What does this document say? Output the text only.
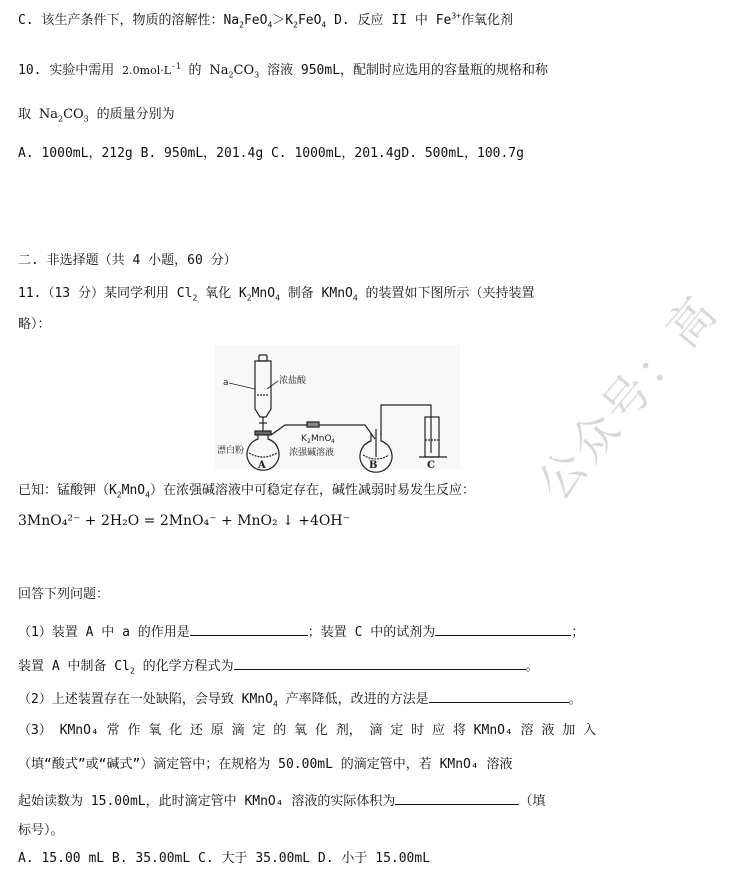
C. 该生产条件下，物质的溶解性：$Na_2FeO_4>K_2FeO_4$ D. 反应 II 中 $Fe^{3+}$作氧化剂
10. 实验中需用 $2.0mol\cdot L^{-1}$ 的 $Na_2CO_3$ 溶液 950mL，配制时应选用的容量瓶的规格和称
取 $Na_2CO_3$ 的质量分别为
A. 1000mL，212g B. 950mL，201.4g C. 1000mL，201.4gD. 500mL，100.7g
二. 非选择题（共 4 小题，60 分）
11.（13 分）某同学利用 $Cl_2$ 氧化 $K_2MnO_4$ 制备 KMnO$_4$ 的装置如下图所示（夹持装置
略）：
a	浓盐酸
漂白粉
K 2 MnO 4
浓强碱溶液
A	B	C
已知：锰酸钾$(K_2MnO_4)$在浓强碱溶液中可稳定存在，碱性减弱时易发生反应：
3MnO₄²⁻ + 2H₂O = 2MnO₄⁻ + MnO₂ ↓ +4OH⁻
回答下列问题：
（1）装置 A 中 a 的作用是	；装置 C 中的试剂为	；
装置 A 中制备 $Cl_2$ 的化学方程式为	。
（2）上述装置存在一处缺陷，会导致 KMnO$_4$ 产率降低，改进的方法是	。
（3） KMnO₄ 常 作 氧 化 还 原 滴 定 的 氧 化 剂， 滴 定 时 应 将 KMnO₄ 溶 液 加 入
（填“酸式”或“碱式”）滴定管中；在规格为 50.00mL 的滴定管中，若 KMnO₄ 溶液
起始读数为 15.00mL，此时滴定管中 KMnO₄ 溶液的实际体积为	（填
标号）。
A. 15.00 mL B. 35.00mL C. 大于 35.00mL D. 小于 15.00mL
公众号：高
